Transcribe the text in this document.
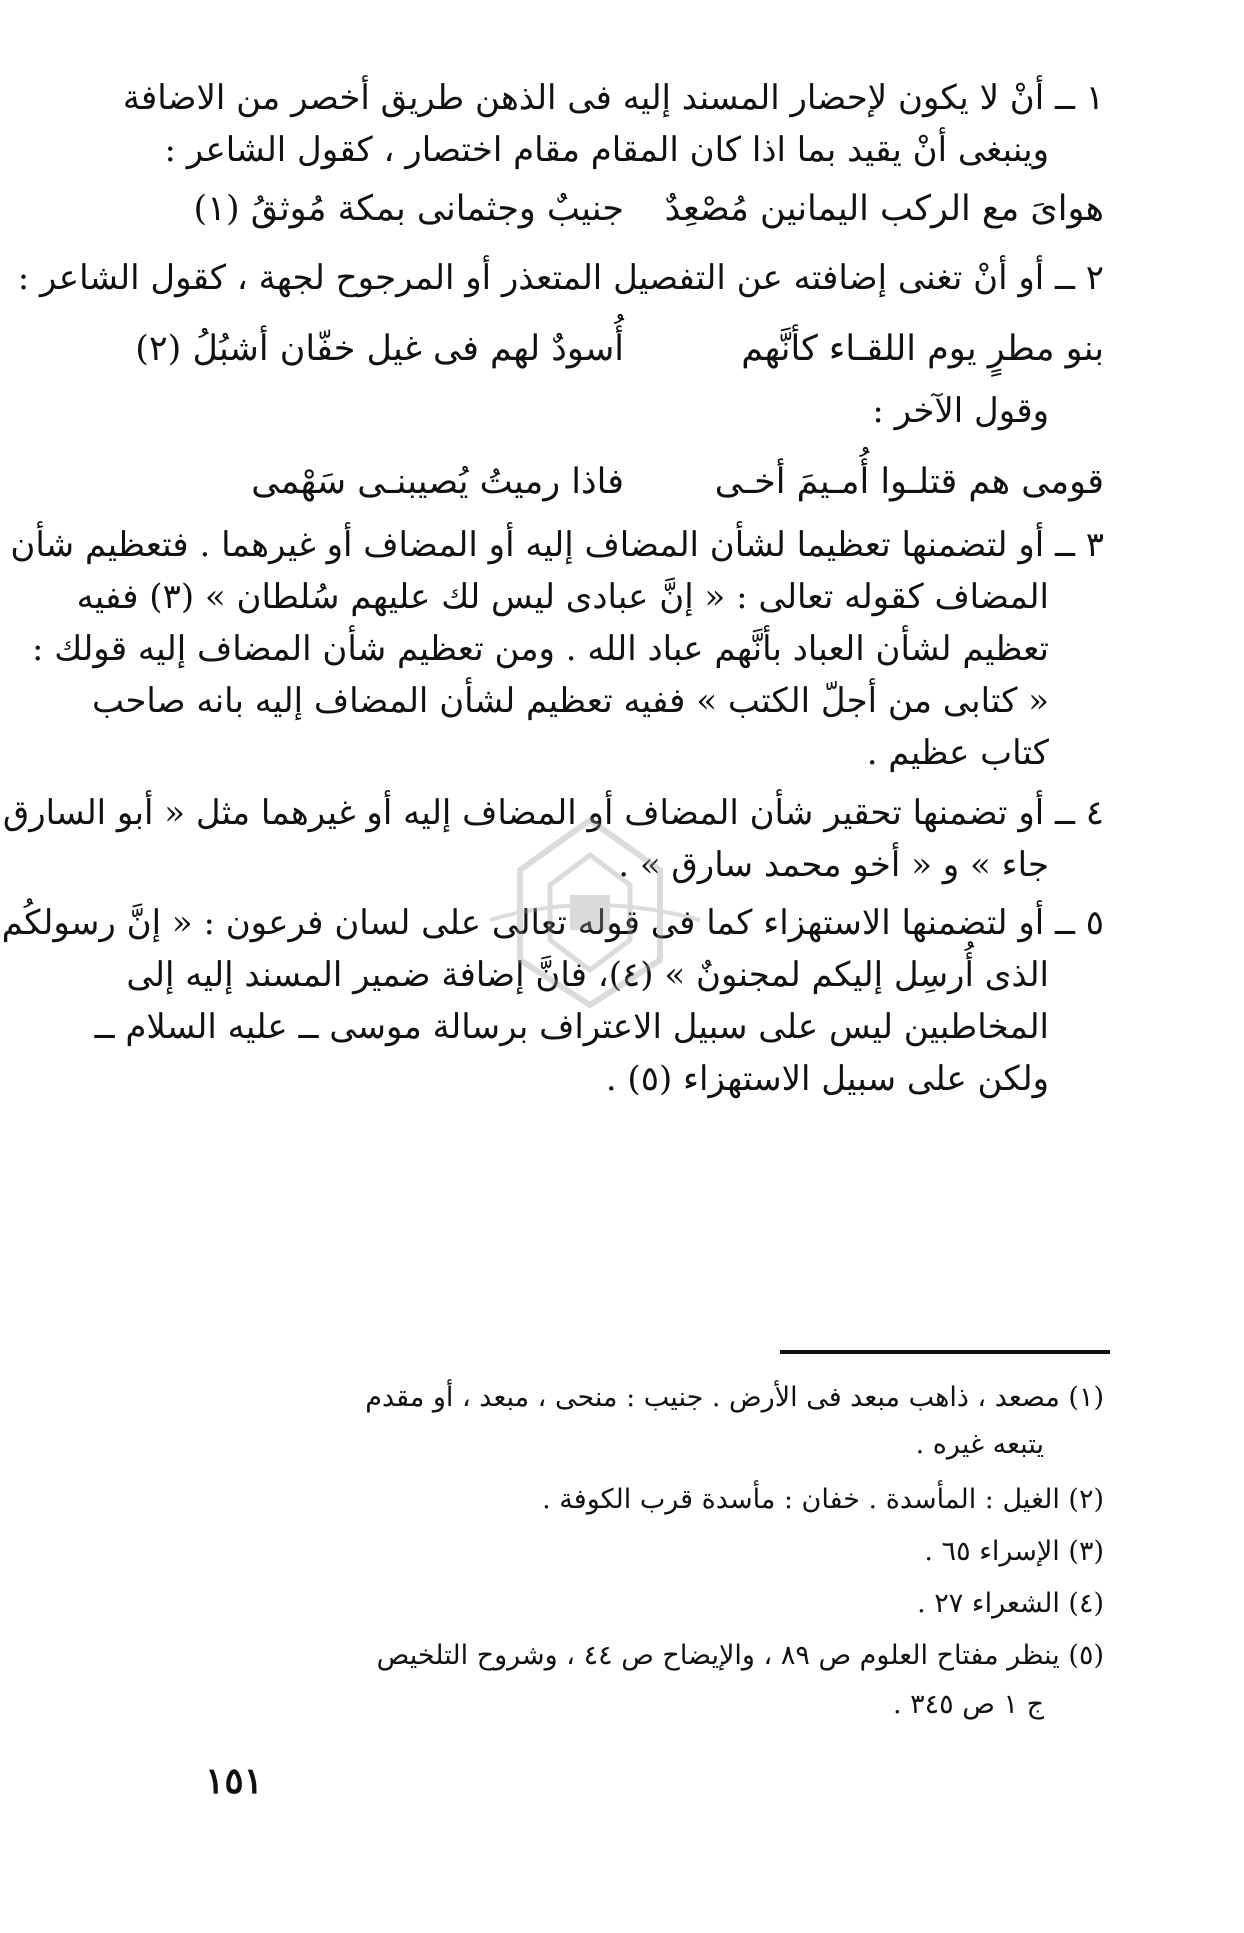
١ ــ أنْ لا يكون لإحضار المسند إليه فى الذهن طريق أخصر من الاضافة
وينبغى أنْ يقيد بما اذا كان المقام مقام اختصار ، كقول الشاعر :
هواىَ مع الركب اليمانين مُصْعِدٌ
جنيبٌ وجثمانى بمكة مُوثقُ (١)
٢ ــ أو أنْ تغنى إضافته عن التفصيل المتعذر أو المرجوح لجهة ، كقول الشاعر :
بنو مطرٍ يوم اللقـاء كأنَّهم
أُسودٌ لهم فى غيل خفّان أشبُلُ (٢)
وقول الآخر :
قومى هم قتلـوا أُمـيمَ أخـى
فاذا رميتُ يُصيبنـى سَهْمى
٣ ــ أو لتضمنها تعظيما لشأن المضاف إليه أو المضاف أو غيرهما . فتعظيم شأن
المضاف كقوله تعالى : « إنَّ عبادى ليس لك عليهم سُلطان » (٣) ففيه
تعظيم لشأن العباد بأنَّهم عباد الله . ومن تعظيم شأن المضاف إليه قولك :
« كتابى من أجلّ الكتب » ففيه تعظيم لشأن المضاف إليه بانه صاحب
كتاب عظيم .
٤ ــ أو تضمنها تحقير شأن المضاف أو المضاف إليه أو غيرهما مثل « أبو السارق
جاء » و « أخو محمد سارق » .
٥ ــ أو لتضمنها الاستهزاء كما فى قوله تعالى على لسان فرعون : « إنَّ رسولكُم
الذى أُرسِل إليكم لمجنونٌ » (٤)، فانَّ إضافة ضمير المسند إليه إلى
المخاطبين ليس على سبيل الاعتراف برسالة موسى ــ عليه السلام ــ
ولكن على سبيل الاستهزاء (٥) .
(١) مصعد ، ذاهب مبعد فى الأرض . جنيب : منحى ، مبعد ، أو مقدم
يتبعه غيره .
(٢) الغيل : المأسدة . خفان : مأسدة قرب الكوفة .
(٣) الإسراء ٦٥ .
(٤) الشعراء ٢٧ .
(٥) ينظر مفتاح العلوم ص ٨٩ ، والإيضاح ص ٤٤ ، وشروح التلخيص
ج ١ ص ٣٤٥ .
١٥١
